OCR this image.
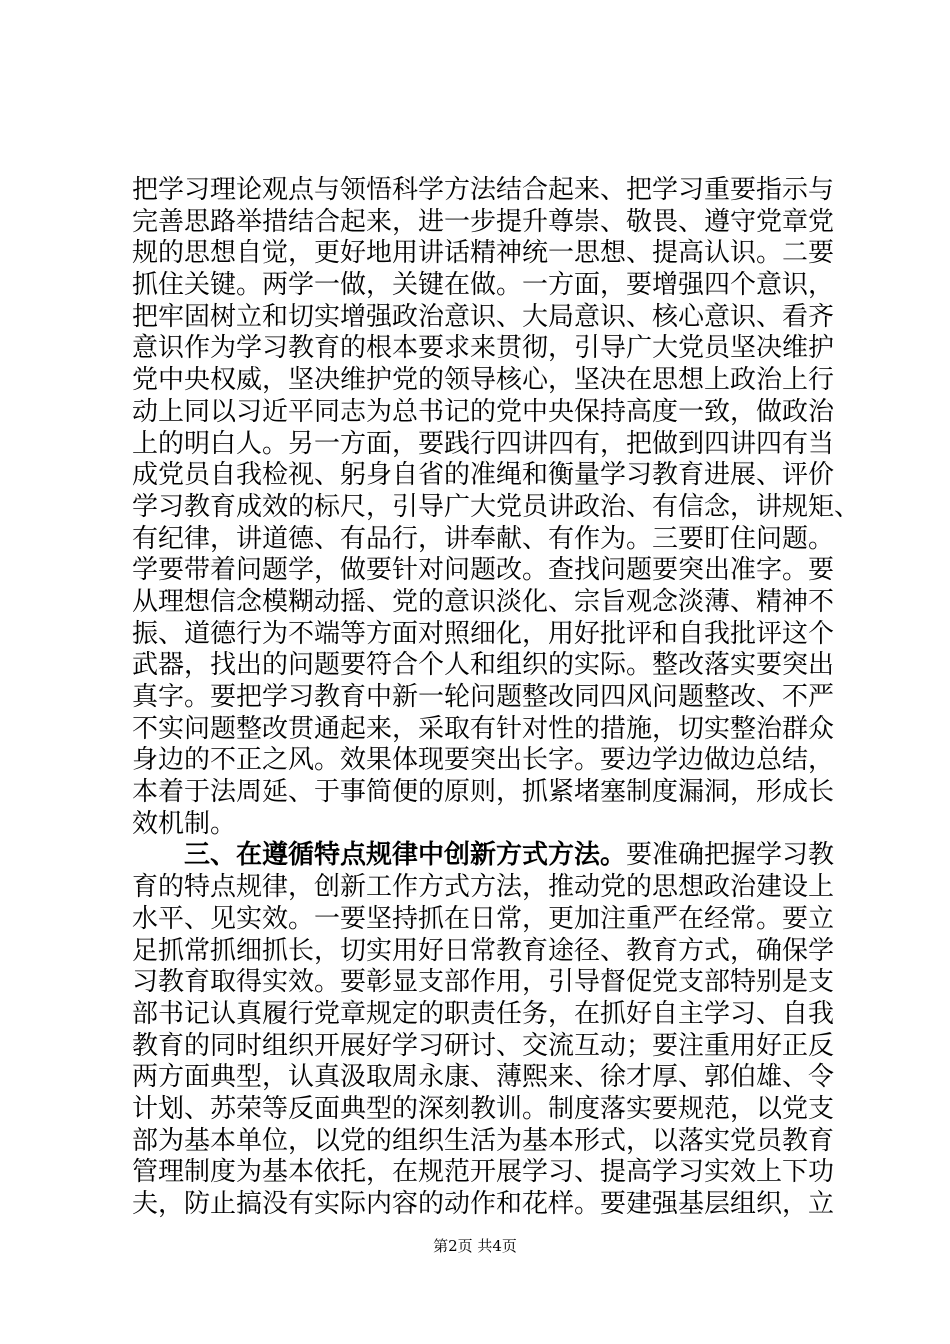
把学习理论观点与领悟科学方法结合起来、把学习重要指示与
完善思路举措结合起来，进一步提升尊崇、敬畏、遵守党章党
规的思想自觉，更好地用讲话精神统一思想、提高认识。二要
抓住关键。两学一做，关键在做。一方面，要增强四个意识，
把牢固树立和切实增强政治意识、大局意识、核心意识、看齐
意识作为学习教育的根本要求来贯彻，引导广大党员坚决维护
党中央权威，坚决维护党的领导核心，坚决在思想上政治上行
动上同以习近平同志为总书记的党中央保持高度一致，做政治
上的明白人。另一方面，要践行四讲四有，把做到四讲四有当
成党员自我检视、躬身自省的准绳和衡量学习教育进展、评价
学习教育成效的标尺，引导广大党员讲政治、有信念，讲规矩、
有纪律，讲道德、有品行，讲奉献、有作为。三要盯住问题。
学要带着问题学，做要针对问题改。查找问题要突出准字。要
从理想信念模糊动摇、党的意识淡化、宗旨观念淡薄、精神不
振、道德行为不端等方面对照细化，用好批评和自我批评这个
武器，找出的问题要符合个人和组织的实际。整改落实要突出
真字。要把学习教育中新一轮问题整改同四风问题整改、不严
不实问题整改贯通起来，采取有针对性的措施，切实整治群众
身边的不正之风。效果体现要突出长字。要边学边做边总结，
本着于法周延、于事简便的原则，抓紧堵塞制度漏洞，形成长
效机制。
三、在遵循特点规律中创新方式方法。要准确把握学习教
育的特点规律，创新工作方式方法，推动党的思想政治建设上
水平、见实效。一要坚持抓在日常，更加注重严在经常。要立
足抓常抓细抓长，切实用好日常教育途径、教育方式，确保学
习教育取得实效。要彰显支部作用，引导督促党支部特别是支
部书记认真履行党章规定的职责任务，在抓好自主学习、自我
教育的同时组织开展好学习研讨、交流互动；要注重用好正反
两方面典型，认真汲取周永康、薄熙来、徐才厚、郭伯雄、令
计划、苏荣等反面典型的深刻教训。制度落实要规范，以党支
部为基本单位，以党的组织生活为基本形式，以落实党员教育
管理制度为基本依托，在规范开展学习、提高学习实效上下功
夫，防止搞没有实际内容的动作和花样。要建强基层组织，立
第2页 共4页
